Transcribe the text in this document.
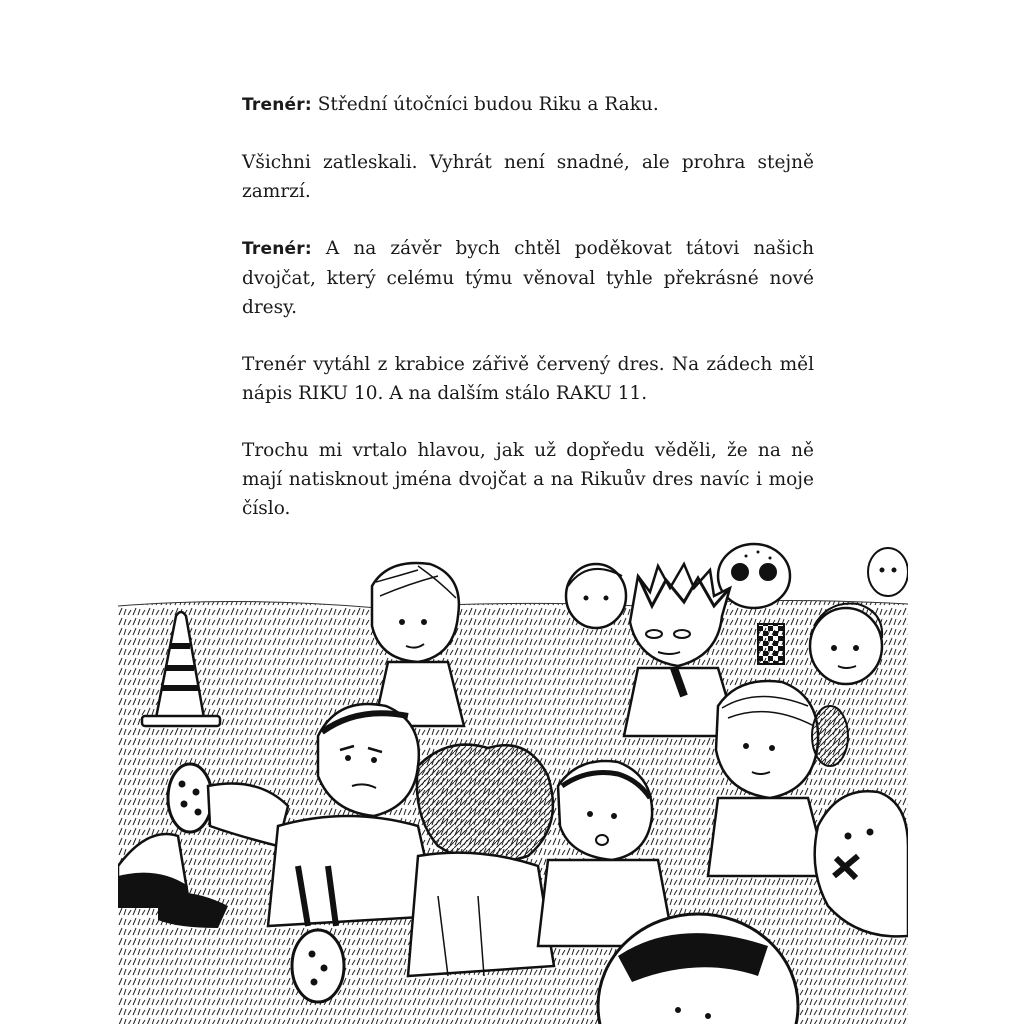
Trenér: Střední útočníci budou Riku a Raku.

Všichni zatleskali. Vyhrát není snadné, ale prohra stejně zamrzí.

Trenér: A na závěr bych chtěl poděkovat tátovi našich dvojčat, který celému týmu věnoval tyhle překrásné nové dresy.

Trenér vytáhl z krabice zářivě červený dres. Na zádech měl nápis RIKU 10. A na dalším stálo RAKU 11.

Trochu mi vrtalo hlavou, jak už dopředu věděli, že na ně mají natisknout jména dvojčat a na Rikuův dres navíc i moje číslo.
